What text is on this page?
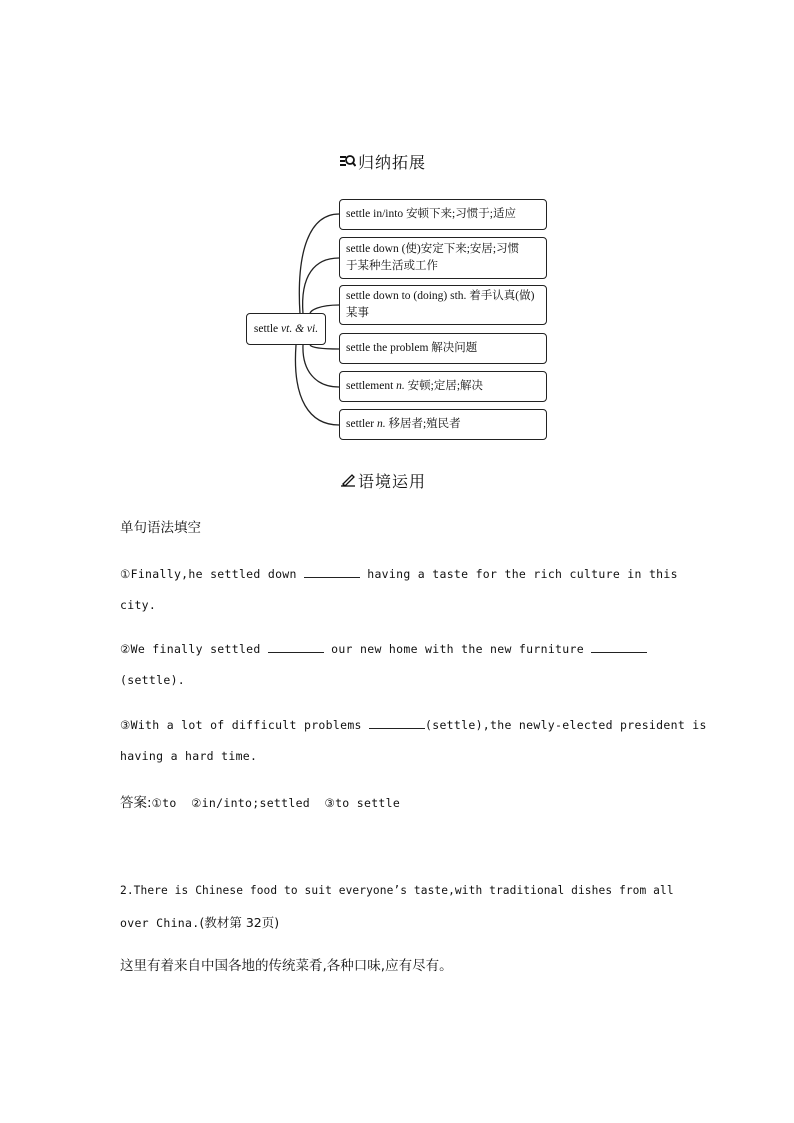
归纳拓展
settle
vt. & vi.
settle in/into 安顿下来;习惯于;适应
settle down (使)安定下来;安居;习惯
于某种生活或工作
settle down to (doing) sth. 着手认真(做)
某事
settle the problem 解决问题
settlement n. 安顿;定居;解决
settler n. 移居者;殖民者
语境运用
单句语法填空
①Finally,he settled down	having a taste for the rich culture in this
city.
②We finally settled	our new home with the new furniture
(settle).
③With a lot of difficult problems	(settle),the newly-elected president is
having a hard time.
答案:①to  ②in/into;settled  ③to settle
2.There is Chinese food to suit everyone’s taste,with traditional dishes from all
over China.(教材第 32页)
这里有着来自中国各地的传统菜肴,各种口味,应有尽有。
